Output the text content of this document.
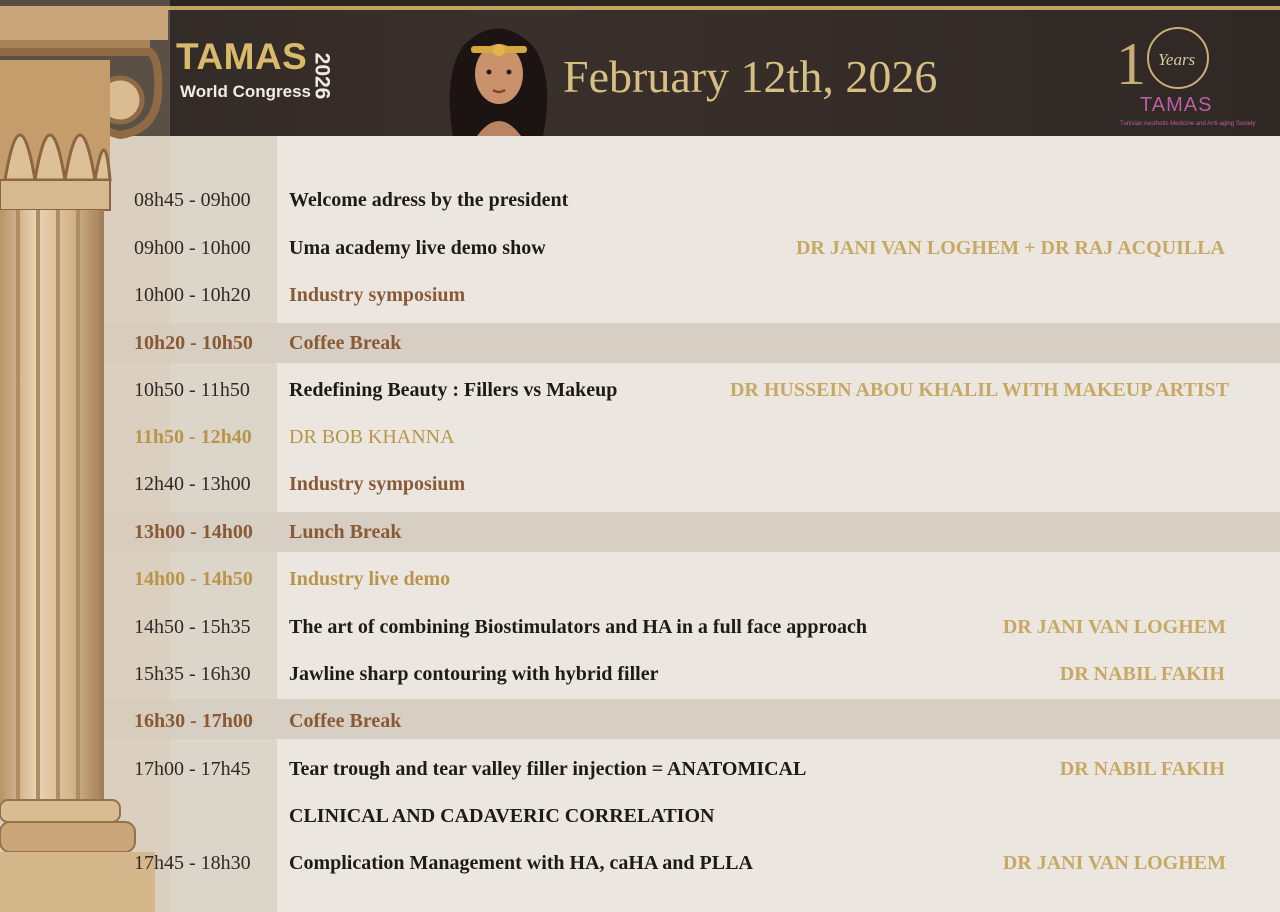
TAMAS
World Congress 2026	February 12th, 2026	1 Years
TAMAS
Tunisian Aesthetic Medicine and Anti-aging Society
08h45 - 09h00 Welcome adress by the president
09h00 - 10h00 Uma academy live demo show	DR JANI VAN LOGHEM + DR RAJ ACQUILLA
10h00 - 10h20 Industry symposium
10h20 - 10h50 Coffee Break
10h50 - 11h50 Redefining Beauty : Fillers vs Makeup	DR HUSSEIN ABOU KHALIL WITH MAKEUP ARTIST
11h50 - 12h40 DR BOB KHANNA
12h40 - 13h00 Industry symposium
13h00 - 14h00 Lunch Break
14h00 - 14h50 Industry live demo
14h50 - 15h35 The art of combining Biostimulators and HA in a full face approach	DR JANI VAN LOGHEM
15h35 - 16h30 Jawline sharp contouring with hybrid filler	DR NABIL FAKIH
16h30 - 17h00 Coffee Break
17h00 - 17h45 Tear trough and tear valley filler injection = ANATOMICAL	DR NABIL FAKIH
CLINICAL AND CADAVERIC CORRELATION
17h45 - 18h30 Complication Management with HA, caHA and PLLA	DR JANI VAN LOGHEM
